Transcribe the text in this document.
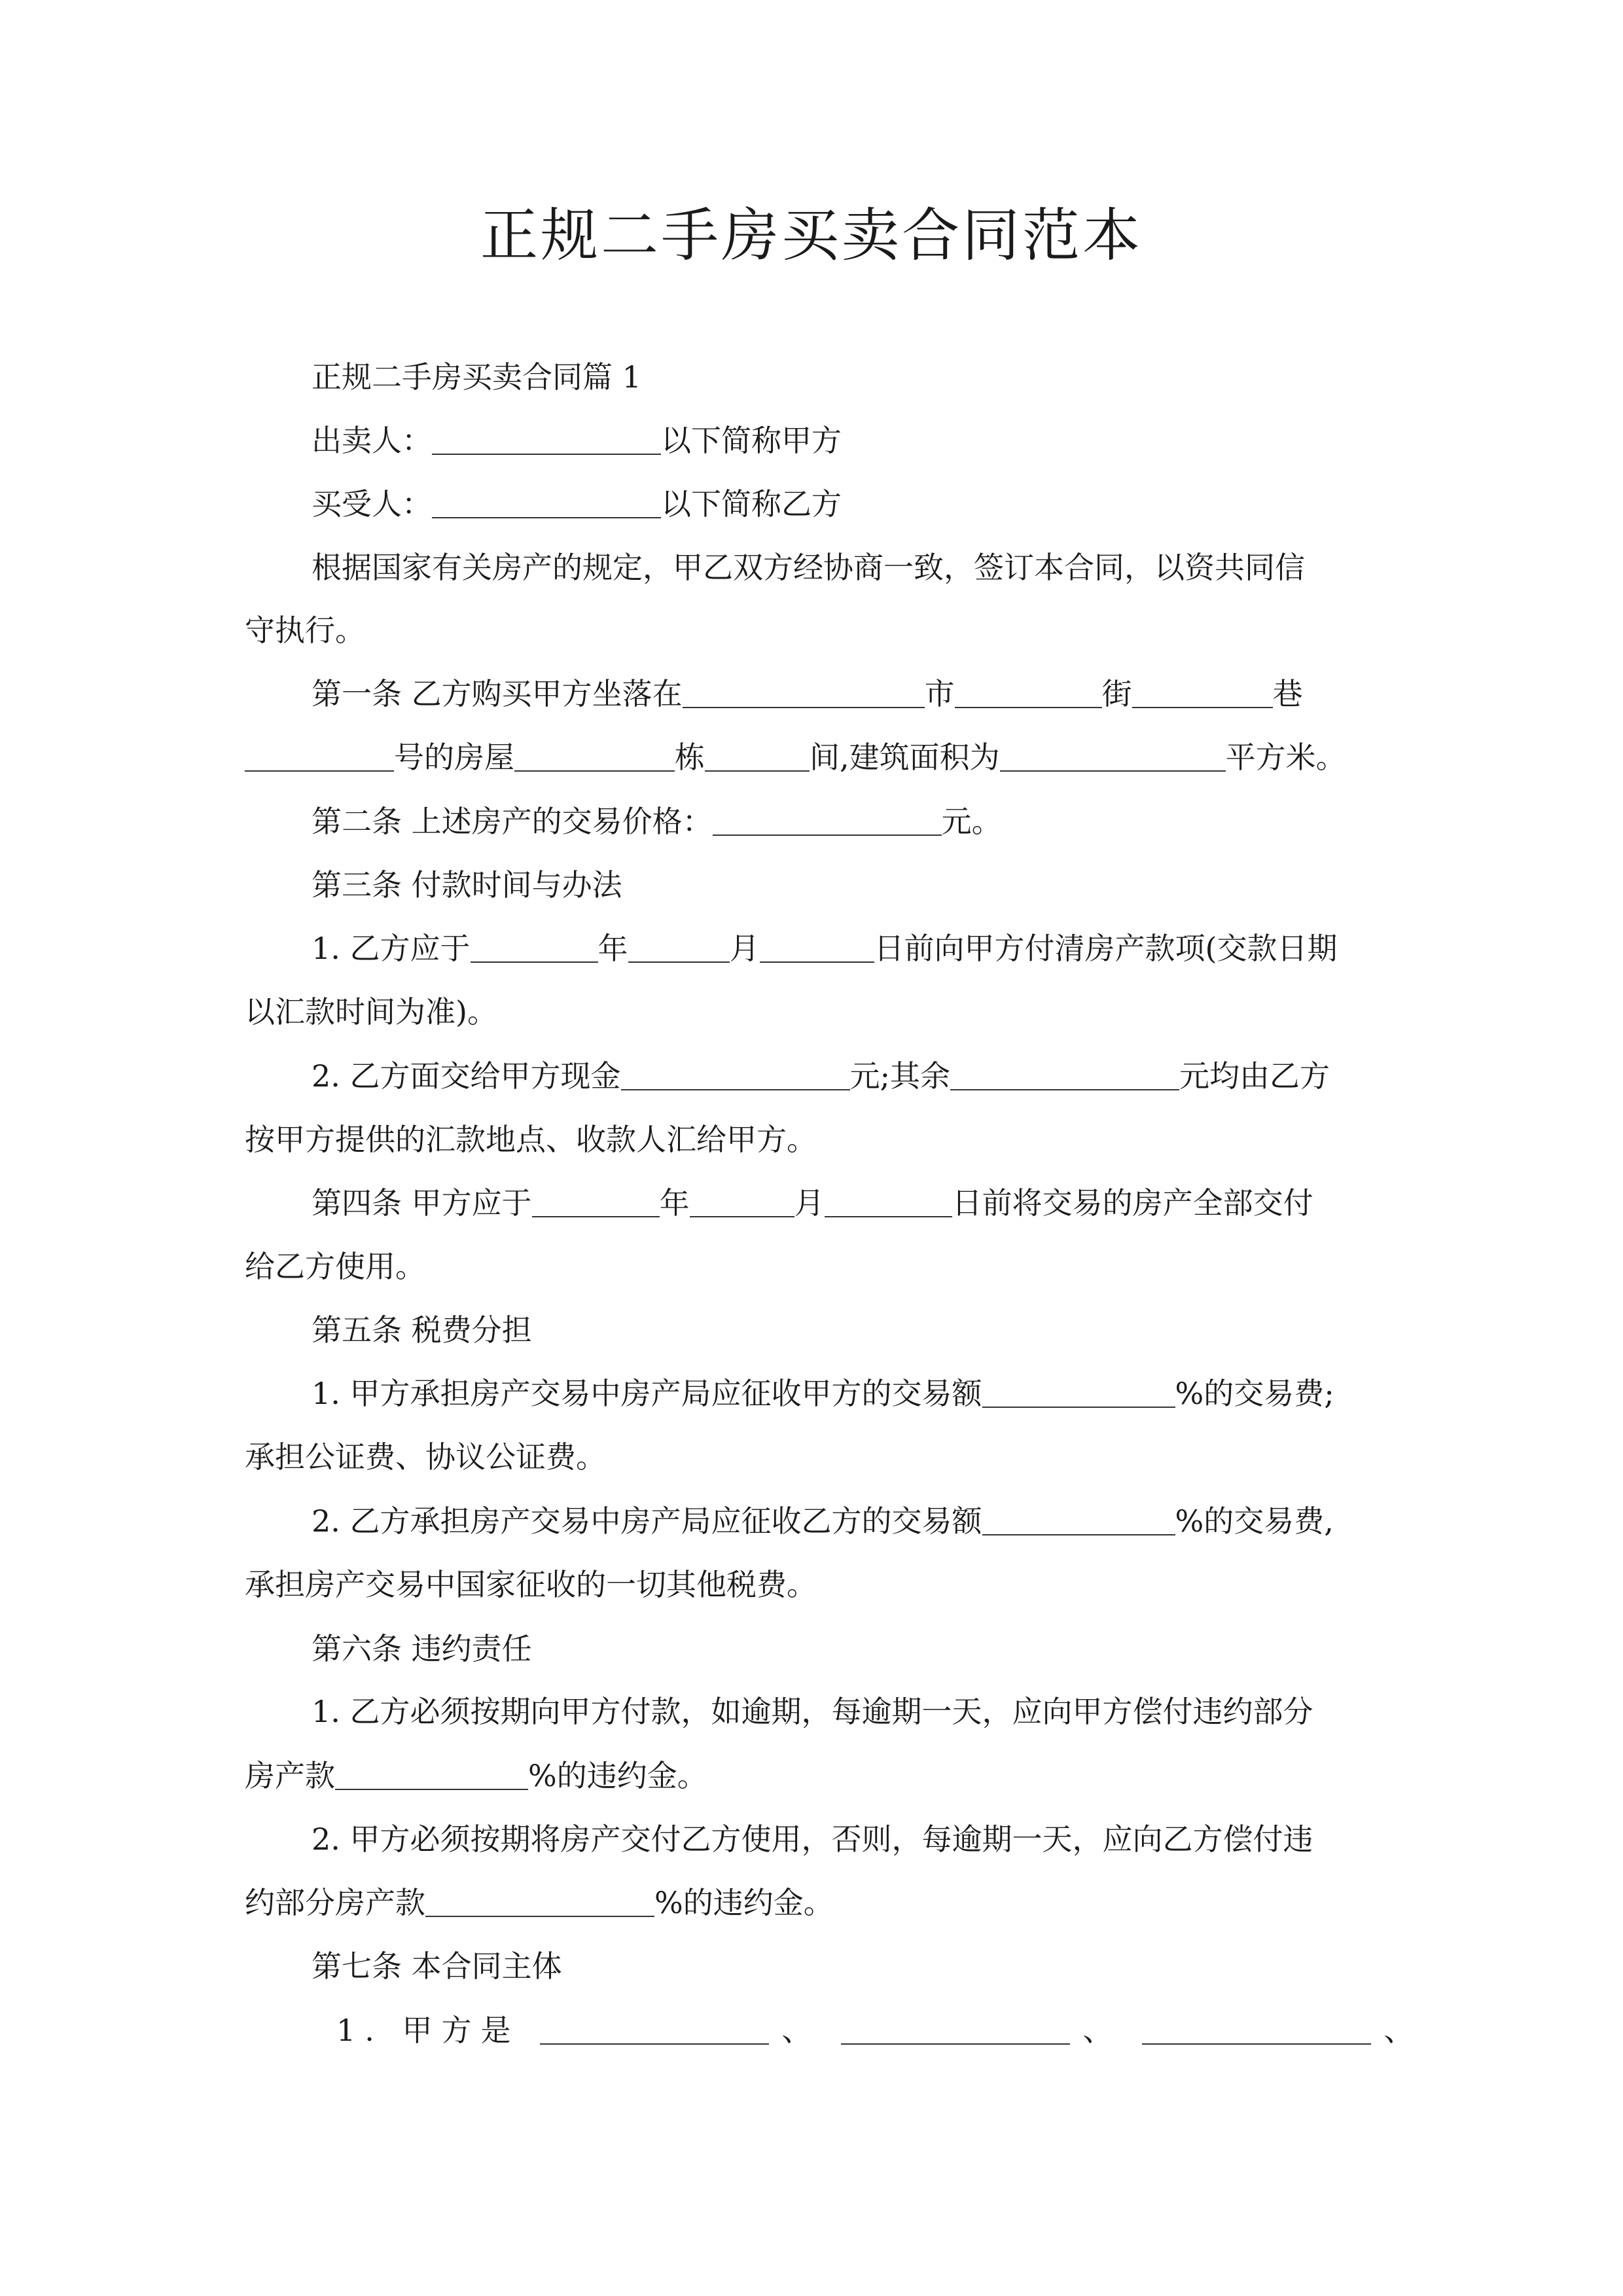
正规二手房买卖合同范本
正规二手房买卖合同篇 1
出卖人：	以下简称甲方
买受人：	以下简称乙方
根据国家有关房产的规定，甲乙双方经协商一致，签订本合同，以资共同信
守执行。
第一条 乙方购买甲方坐落在	市	街	巷
号的房屋	栋	间,建筑面积为	平方米。
第二条 上述房产的交易价格：	元。
第三条 付款时间与办法
1. 乙方应于	年	月	日前向甲方付清房产款项(交款日期
以汇款时间为准)。
2. 乙方面交给甲方现金	元;其余	元均由乙方
按甲方提供的汇款地点、收款人汇给甲方。
第四条 甲方应于	年	月	日前将交易的房产全部交付
给乙方使用。
第五条 税费分担
1. 甲方承担房产交易中房产局应征收甲方的交易额	%的交易费;
承担公证费、协议公证费。
2. 乙方承担房产交易中房产局应征收乙方的交易额	%的交易费,
承担房产交易中国家征收的一切其他税费。
第六条 违约责任
1. 乙方必须按期向甲方付款，如逾期，每逾期一天，应向甲方偿付违约部分
房产款	%的违约金。
2. 甲方必须按期将房产交付乙方使用，否则，每逾期一天，应向乙方偿付违
约部分房产款	%的违约金。
第七条 本合同主体
1. 甲方是	、	、	、
